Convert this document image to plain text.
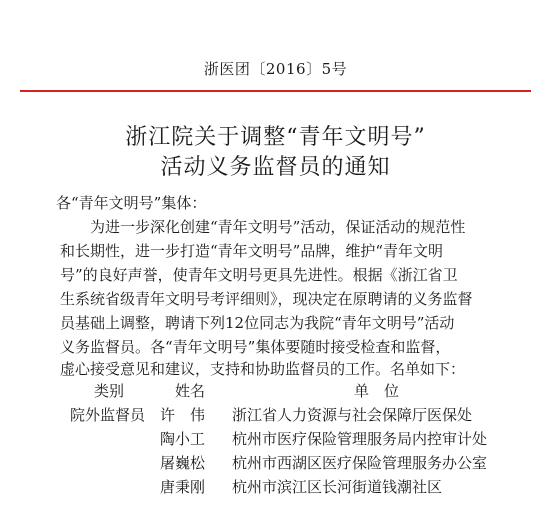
浙医团〔2016〕5号
浙江院关于调整“青年文明号”
活动义务监督员的通知
各“青年文明号”集体：
为进一步深化创建“青年文明号”活动，保证活动的规范性
和长期性，进一步打造“青年文明号”品牌，维护“青年文明
号”的良好声誉，使青年文明号更具先进性。根据《浙江省卫
生系统省级青年文明号考评细则》，现决定在原聘请的义务监督
员基础上调整，聘请下列12位同志为我院“青年文明号”活动
义务监督员。各“青年文明号”集体要随时接受检查和监督，
虚心接受意见和建议，支持和协助监督员的工作。名单如下：
类别	姓名	单　位
院外监督员 许　伟 浙江省人力资源与社会保障厅医保处
陶小工 杭州市医疗保险管理服务局内控审计处
屠巍松 杭州市西湖区医疗保险管理服务办公室
唐秉刚 杭州市滨江区长河街道钱潮社区
